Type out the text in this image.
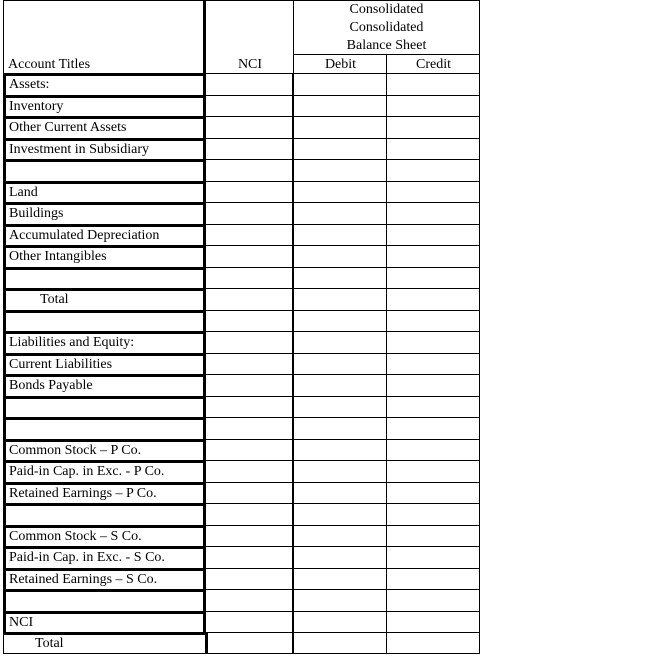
Consolidated
Consolidated
Balance Sheet
Account Titles	NCI	Debit	Credit
Assets:
Inventory
Other Current Assets
Investment in Subsidiary
Land
Buildings
Accumulated Depreciation
Other Intangibles
Total
Liabilities and Equity:
Current Liabilities
Bonds Payable
Common Stock – P Co.
Paid-in Cap. in Exc. - P Co.
Retained Earnings – P Co.
Common Stock – S Co.
Paid-in Cap. in Exc. - S Co.
Retained Earnings – S Co.
NCI
Total
